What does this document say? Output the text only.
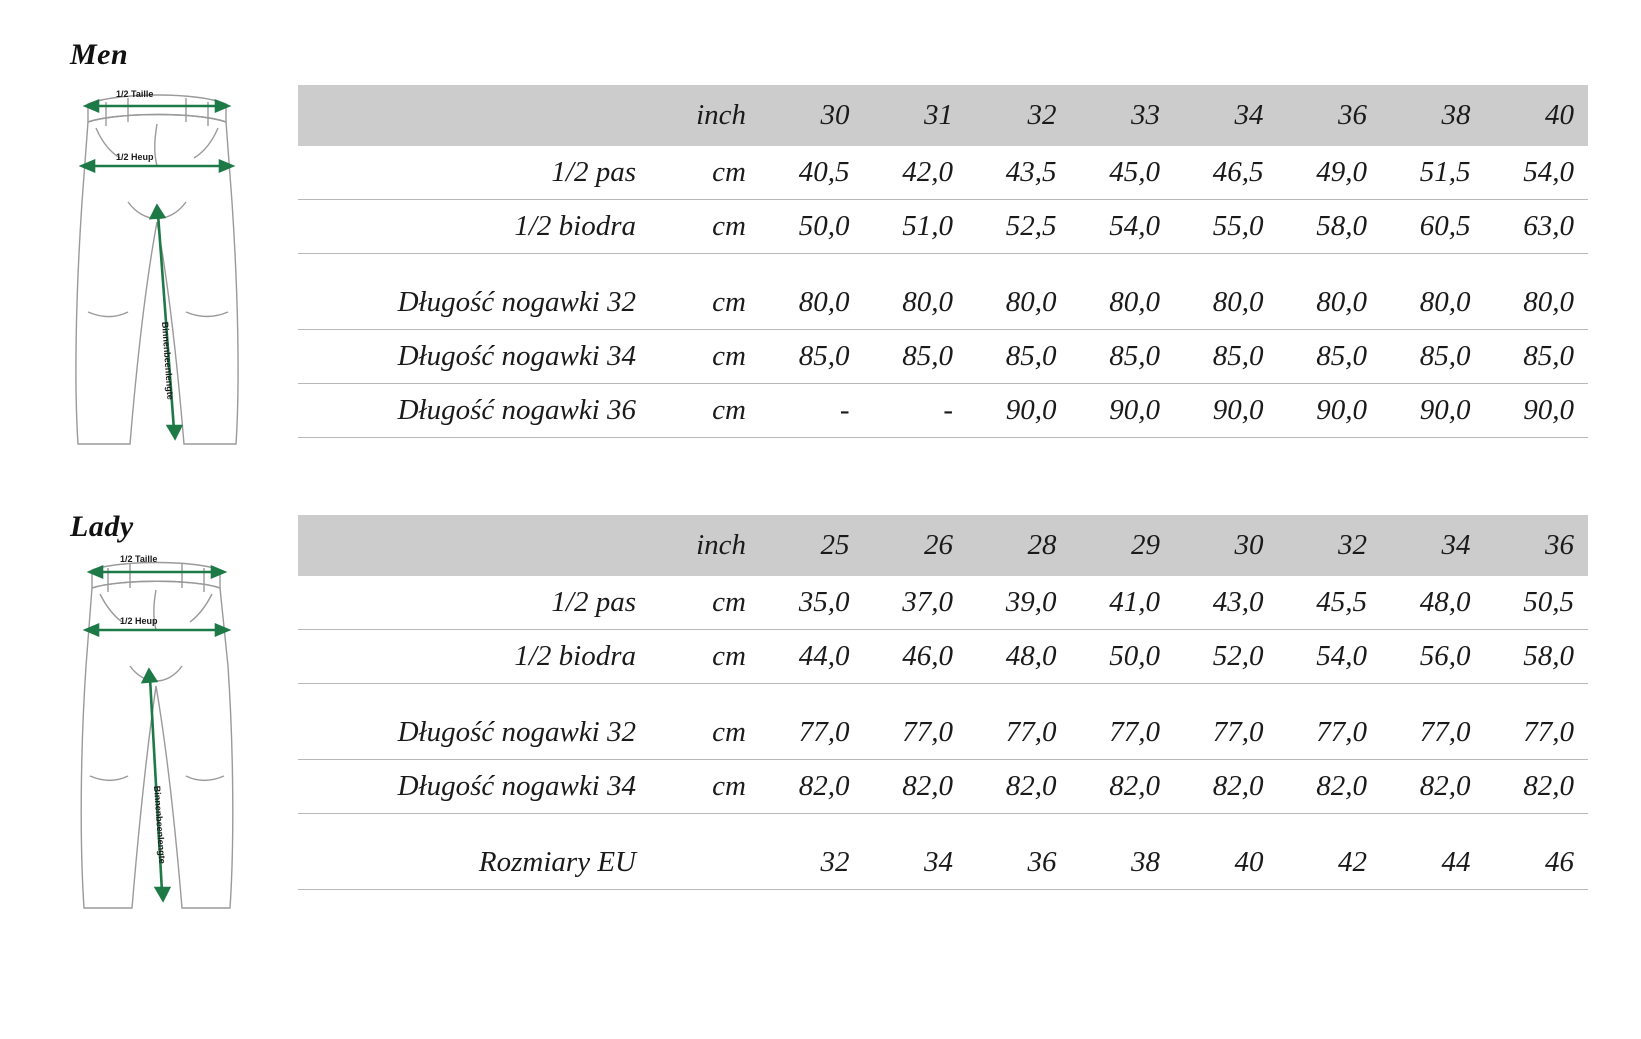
Men
1/2 Taille
1/2 Heup
Binnenbeenlengte
	inch	30	31	32	33	34	36	38	40
1/2 pas	cm	40,5	42,0	43,5	45,0	46,5	49,0	51,5	54,0
1/2 biodra	cm	50,0	51,0	52,5	54,0	55,0	58,0	60,5	63,0

Długość nogawki 32	cm	80,0	80,0	80,0	80,0	80,0	80,0	80,0	80,0
Długość nogawki 34	cm	85,0	85,0	85,0	85,0	85,0	85,0	85,0	85,0
Długość nogawki 36	cm	-	-	90,0	90,0	90,0	90,0	90,0	90,0
Lady
1/2 Taille
1/2 Heup
Binnenbeenlengte
	inch	25	26	28	29	30	32	34	36
1/2 pas	cm	35,0	37,0	39,0	41,0	43,0	45,5	48,0	50,5
1/2 biodra	cm	44,0	46,0	48,0	50,0	52,0	54,0	56,0	58,0

Długość nogawki 32	cm	77,0	77,0	77,0	77,0	77,0	77,0	77,0	77,0
Długość nogawki 34	cm	82,0	82,0	82,0	82,0	82,0	82,0	82,0	82,0

Rozmiary EU		32	34	36	38	40	42	44	46
